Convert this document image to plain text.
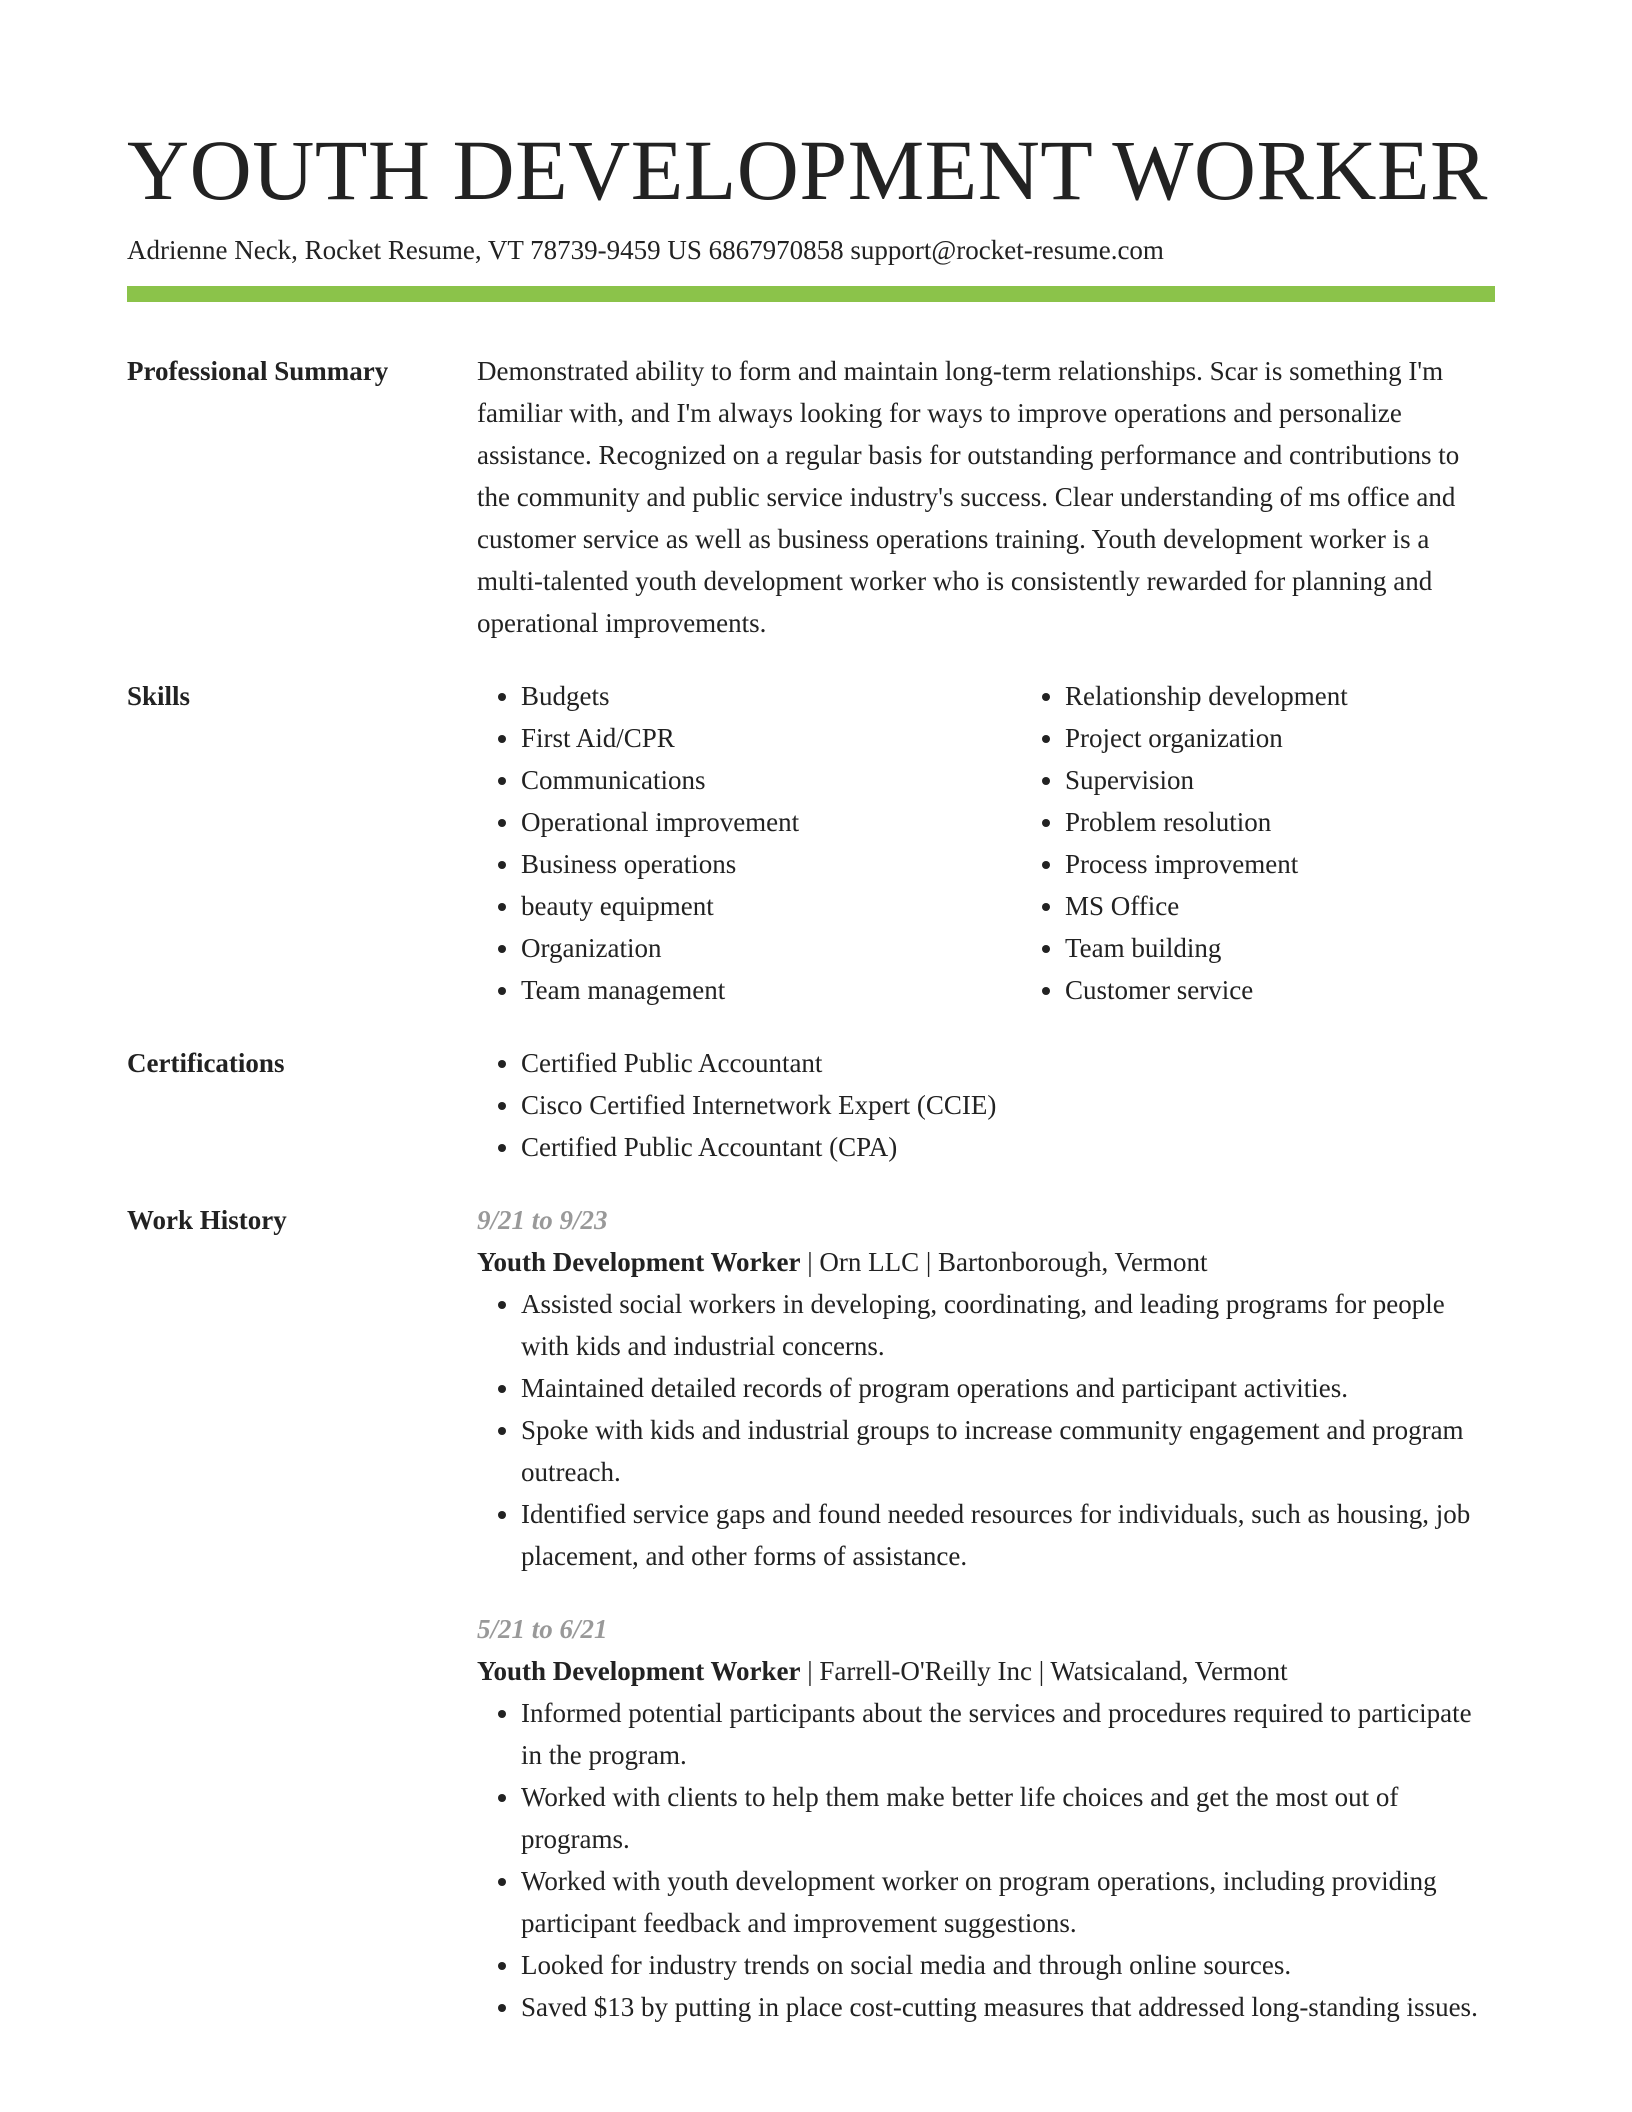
YOUTH DEVELOPMENT WORKER
Adrienne Neck, Rocket Resume, VT 78739-9459 US 6867970858 support@rocket-resume.com
Professional Summary	Demonstrated ability to form and maintain long-term relationships. Scar is something I'm familiar with, and I'm always looking for ways to improve operations and personalize assistance. Recognized on a regular basis for outstanding performance and contributions to the community and public service industry's success. Clear understanding of ms office and customer service as well as business operations training. Youth development worker is a multi-talented youth development worker who is consistently rewarded for planning and operational improvements.
Skills	• Budgets
• First Aid/CPR
• Communications
• Operational improvement
• Business operations
• beauty equipment
• Organization
• Team management
• Relationship development
• Project organization
• Supervision
• Problem resolution
• Process improvement
• MS Office
• Team building
• Customer service
Certifications	• Certified Public Accountant
• Cisco Certified Internetwork Expert (CCIE)
• Certified Public Accountant (CPA)
Work History	9/21 to 9/23
Youth Development Worker | Orn LLC | Bartonborough, Vermont
• Assisted social workers in developing, coordinating, and leading programs for people with kids and industrial concerns.
• Maintained detailed records of program operations and participant activities.
• Spoke with kids and industrial groups to increase community engagement and program outreach.
• Identified service gaps and found needed resources for individuals, such as housing, job placement, and other forms of assistance.
5/21 to 6/21
Youth Development Worker | Farrell-O'Reilly Inc | Watsicaland, Vermont
• Informed potential participants about the services and procedures required to participate in the program.
• Worked with clients to help them make better life choices and get the most out of programs.
• Worked with youth development worker on program operations, including providing participant feedback and improvement suggestions.
• Looked for industry trends on social media and through online sources.
• Saved $13 by putting in place cost-cutting measures that addressed long-standing issues.
